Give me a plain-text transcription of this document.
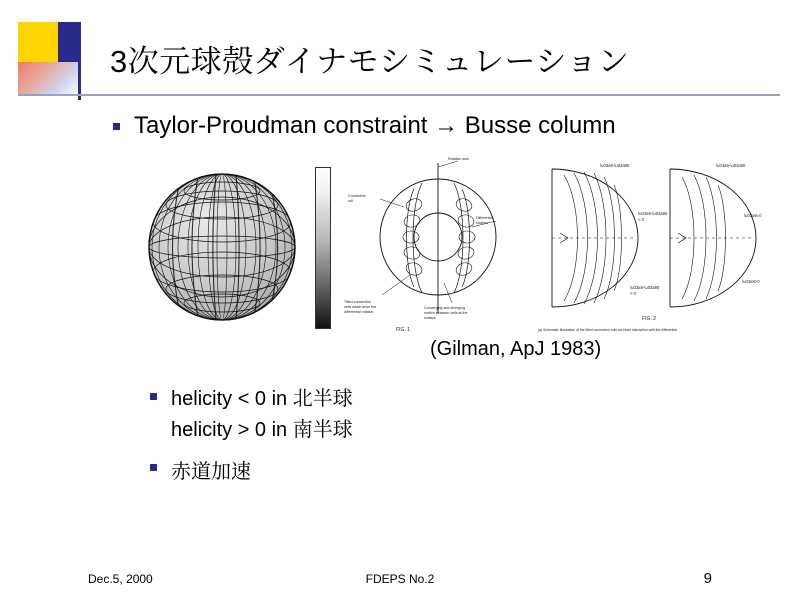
3次元球殻ダイナモシミュレーション
Taylor-Proudman constraint → Busse column
Rotation axis
Convective
roll
Differential
rotation
Tilted convection
cells which drive the
differential rotation
Converging and diverging
motion between cells at the
surface
FIG. 1
\u03a9-\u03a90
\u03a9-\u03a90
< 0
\u03a9-\u03a90
> 0
\u03a9-\u03a90
\u03a9=0
\u03a9>0
FIG. 2
(a) Schematic illustration of the tilted convection rolls and their interaction with the differential
(Gilman, ApJ 1983)
helicity < 0 in 北半球
helicity > 0 in 南半球
赤道加速
Dec.5, 2000	FDEPS No.2	9
